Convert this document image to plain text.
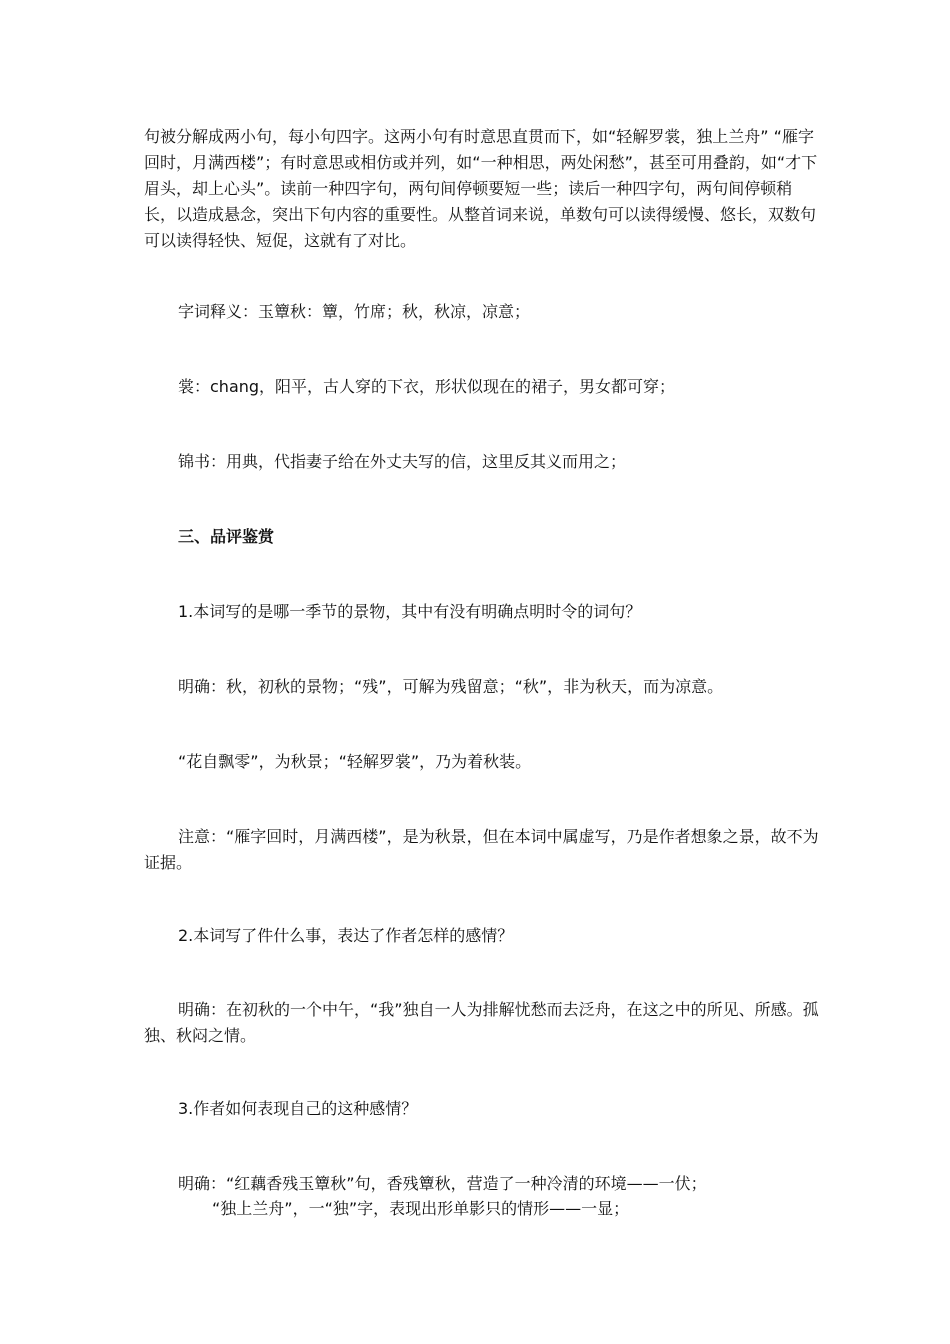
句被分解成两小句，每小句四字。这两小句有时意思直贯而下，如“轻解罗裳，独上兰舟” “雁字回时，月满西楼”；有时意思或相仿或并列，如“一种相思，两处闲愁”，甚至可用叠韵，如“才下眉头，却上心头”。读前一种四字句，两句间停顿要短一些；读后一种四字句，两句间停顿稍长，以造成悬念，突出下句内容的重要性。从整首词来说，单数句可以读得缓慢、悠长，双数句可以读得轻快、短促，这就有了对比。

字词释义：玉簟秋：簟，竹席；秋，秋凉，凉意；

裳：chang，阳平，古人穿的下衣，形状似现在的裙子，男女都可穿；

锦书：用典，代指妻子给在外丈夫写的信，这里反其义而用之；

三、品评鉴赏

1.本词写的是哪一季节的景物，其中有没有明确点明时令的词句？

明确：秋，初秋的景物；“残”，可解为残留意；“秋”，非为秋天，而为凉意。

“花自飘零”，为秋景；“轻解罗裳”，乃为着秋装。

注意：“雁字回时，月满西楼”，是为秋景，但在本词中属虚写，乃是作者想象之景，故不为证据。

2.本词写了件什么事，表达了作者怎样的感情？

明确：在初秋的一个中午，“我”独自一人为排解忧愁而去泛舟，在这之中的所见、所感。孤独、秋闷之情。

3.作者如何表现自己的这种感情？

明确：“红藕香残玉簟秋”句，香残簟秋，营造了一种冷清的环境——一伏；

“独上兰舟”，一“独”字，表现出形单影只的情形——一显；
